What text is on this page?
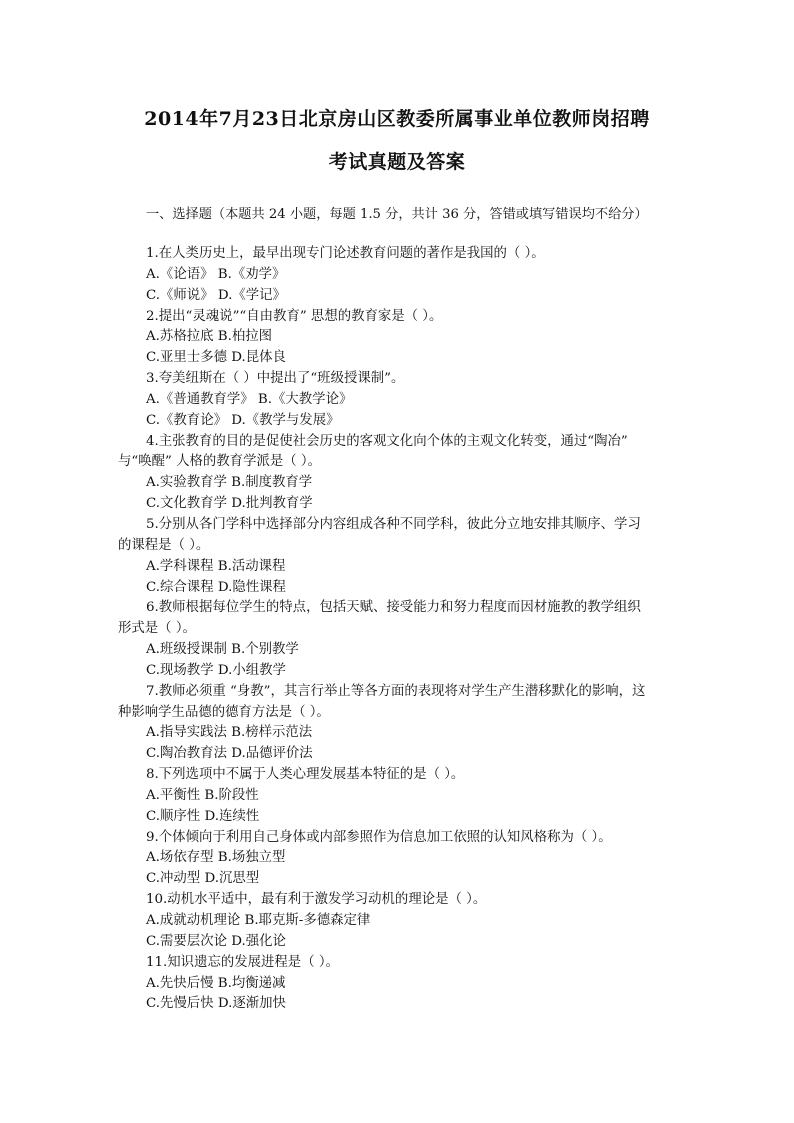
2014年7月23日北京房山区教委所属事业单位教师岗招聘
考试真题及答案

一、选择题（本题共 24 小题，每题 1.5 分，共计 36 分，答错或填写错误均不给分）

1.在人类历史上，最早出现专门论述教育问题的著作是我国的（ ）。
A.《论语》 B.《劝学》
C.《师说》 D.《学记》
2.提出“灵魂说”“自由教育” 思想的教育家是（ ）。
A.苏格拉底 B.柏拉图
C.亚里士多德 D.昆体良
3.夸美纽斯在（ ）中提出了“班级授课制”。
A.《普通教育学》 B.《大教学论》
C.《教育论》 D.《教学与发展》
4.主张教育的目的是促使社会历史的客观文化向个体的主观文化转变，通过“陶冶”
与“唤醒” 人格的教育学派是（ ）。
A.实验教育学 B.制度教育学
C.文化教育学 D.批判教育学
5.分别从各门学科中选择部分内容组成各种不同学科，彼此分立地安排其顺序、学习
的课程是（ ）。
A.学科课程 B.活动课程
C.综合课程 D.隐性课程
6.教师根据每位学生的特点，包括天赋、接受能力和努力程度而因材施教的教学组织
形式是（ ）。
A.班级授课制 B.个别教学
C.现场教学 D.小组教学
7.教师必须重 “身教”，其言行举止等各方面的表现将对学生产生潜移默化的影响，这
种影响学生品德的德育方法是（ ）。
A.指导实践法 B.榜样示范法
C.陶冶教育法 D.品德评价法
8.下列选项中不属于人类心理发展基本特征的是（ ）。
A.平衡性 B.阶段性
C.顺序性 D.连续性
9.个体倾向于利用自己身体或内部参照作为信息加工依照的认知风格称为（ ）。
A.场依存型 B.场独立型
C.冲动型 D.沉思型
10.动机水平适中，最有利于激发学习动机的理论是（ ）。
A.成就动机理论 B.耶克斯-多德森定律
C.需要层次论 D.强化论
11.知识遗忘的发展进程是（ ）。
A.先快后慢 B.均衡递减
C.先慢后快 D.逐渐加快
